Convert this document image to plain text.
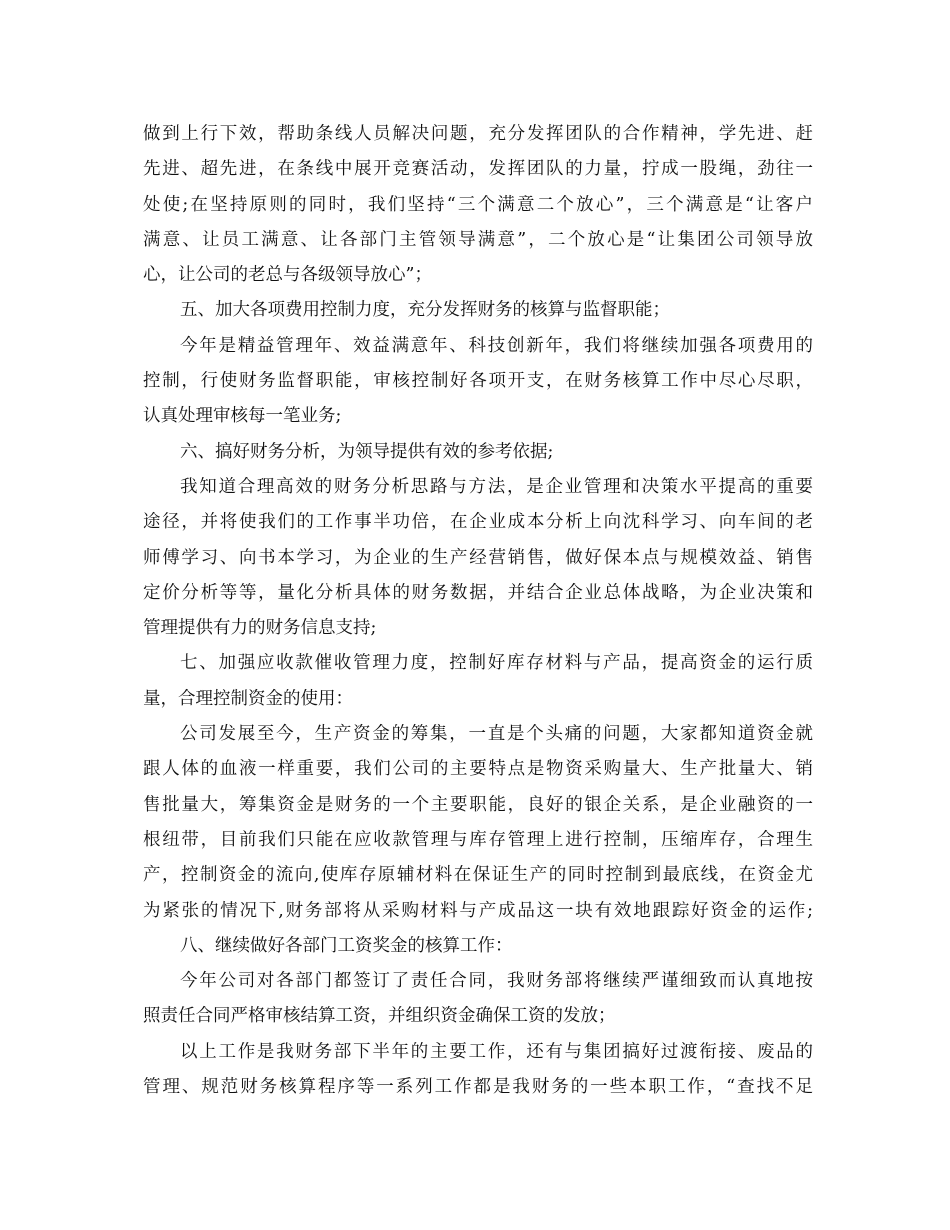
做到上行下效，帮助条线人员解决问题，充分发挥团队的合作精神，学先进、赶
先进、超先进，在条线中展开竞赛活动，发挥团队的力量，拧成一股绳，劲往一
处使;在坚持原则的同时，我们坚持“三个满意二个放心”，三个满意是“让客户
满意、让员工满意、让各部门主管领导满意”，二个放心是“让集团公司领导放
心，让公司的老总与各级领导放心”；
五、加大各项费用控制力度，充分发挥财务的核算与监督职能；
今年是精益管理年、效益满意年、科技创新年，我们将继续加强各项费用的
控制，行使财务监督职能，审核控制好各项开支，在财务核算工作中尽心尽职，
认真处理审核每一笔业务;
六、搞好财务分析，为领导提供有效的参考依据;
我知道合理高效的财务分析思路与方法，是企业管理和决策水平提高的重要
途径，并将使我们的工作事半功倍，在企业成本分析上向沈科学习、向车间的老
师傅学习、向书本学习，为企业的生产经营销售，做好保本点与规模效益、销售
定价分析等等，量化分析具体的财务数据，并结合企业总体战略，为企业决策和
管理提供有力的财务信息支持;
七、加强应收款催收管理力度，控制好库存材料与产品，提高资金的运行质
量，合理控制资金的使用：
公司发展至今，生产资金的筹集，一直是个头痛的问题，大家都知道资金就
跟人体的血液一样重要，我们公司的主要特点是物资采购量大、生产批量大、销
售批量大，筹集资金是财务的一个主要职能，良好的银企关系，是企业融资的一
根纽带，目前我们只能在应收款管理与库存管理上进行控制，压缩库存，合理生
产，控制资金的流向,使库存原辅材料在保证生产的同时控制到最底线，在资金尤
为紧张的情况下,财务部将从采购材料与产成品这一块有效地跟踪好资金的运作;
八、继续做好各部门工资奖金的核算工作：
今年公司对各部门都签订了责任合同，我财务部将继续严谨细致而认真地按
照责任合同严格审核结算工资，并组织资金确保工资的发放；
以上工作是我财务部下半年的主要工作，还有与集团搞好过渡衔接、废品的
管理、规范财务核算程序等一系列工作都是我财务的一些本职工作，“查找不足
